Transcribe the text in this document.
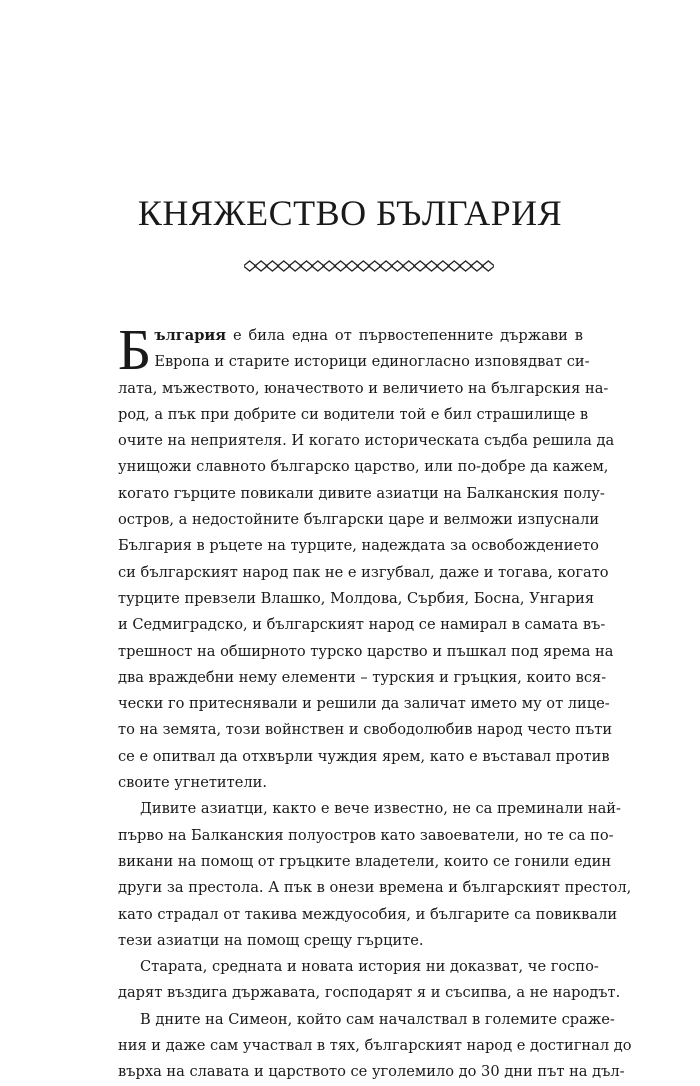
КНЯЖЕСТВО БЪЛГАРИЯ
Б ългария е била една от първостепенните държави в
Европа и старите историци единогласно изповядват си-
лата, мъжеството, юначеството и величието на българския на-
род, а пък при добрите си водители той е бил страшилище в
очите на неприятеля. И когато историческата съдба решила да
унищожи славното българско царство, или по-добре да кажем,
когато гърците повикали дивите азиатци на Балканския полу-
остров, а недостойните български царе и велможи изпуснали
България в ръцете на турците, надеждата за освобождението
си българският народ пак не е изгубвал, даже и тогава, когато
турците превзели Влашко, Молдова, Сърбия, Босна, Унгария
и Седмиградско, и българският народ се намирал в самата въ-
трешност на обширното турско царство и пъшкал под ярема на
два враждебни нему елементи – турския и гръцкия, които вся-
чески го притеснявали и решили да заличат името му от лице-
то на земята, този войнствен и свободолюбив народ често пъти
се е опитвал да отхвърли чуждия ярем, като е въставал против
своите угнетители.
Дивите азиатци, както е вече известно, не са преминали най-
първо на Балканския полуостров като завоеватели, но те са по-
викани на помощ от гръцките владетели, които се гонили един
други за престола. А пък в онези времена и българският престол,
като страдал от такива междуособия, и българите са повиквали
тези азиатци на помощ срещу гърците.
Старата, средната и новата история ни доказват, че госпо-
дарят въздига държавата, господарят я и съсипва, а не народът.
В дните на Симеон, който сам началствал в големите сраже-
ния и даже сам участвал в тях, българският народ е достигнал до
върха на славата и царството се уголемило до 30 дни път на дъл-
